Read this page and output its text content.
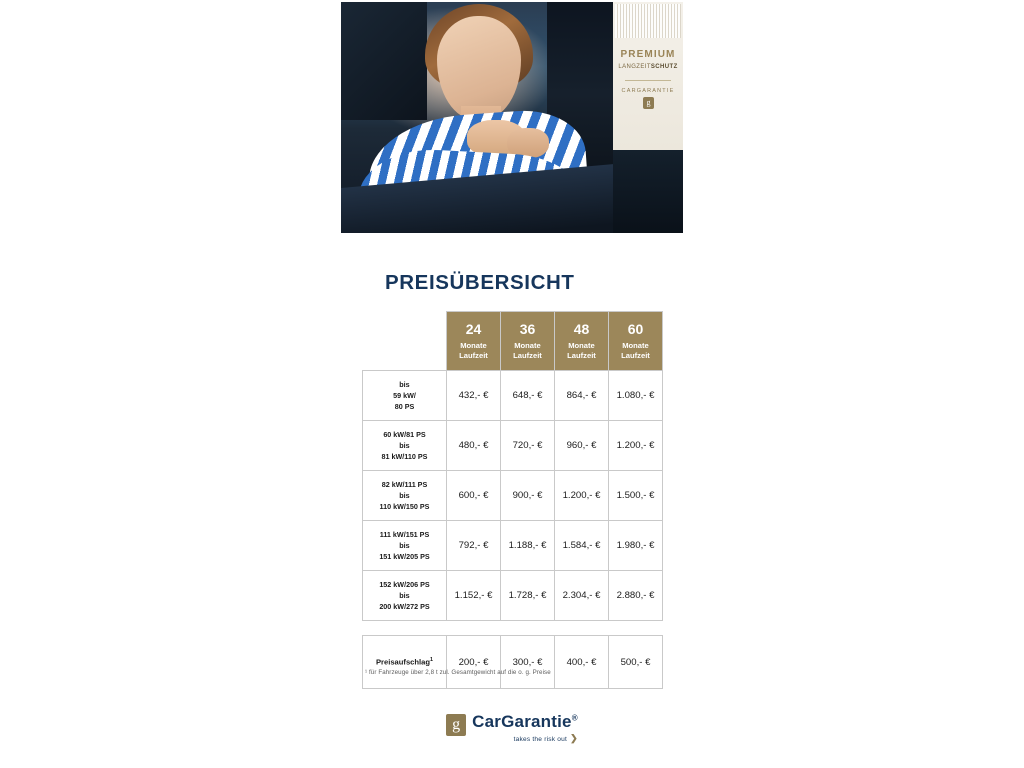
PREMIUM
LANGZEITSCHUTZ
CARGARANTIE
g
PREISÜBERSICHT

	24
Monate
Laufzeit	36
Monate
Laufzeit	48
Monate
Laufzeit	60
Monate
Laufzeit

bis
59 kW/
80 PS	432,- €	648,- €	864,- €	1.080,- €

60 kW/81 PS
bis
81 kW/110 PS	480,- €	720,- €	960,- €	1.200,- €

82 kW/111 PS
bis
110 kW/150 PS	600,- €	900,- €	1.200,- €	1.500,- €

111 kW/151 PS
bis
151 kW/205 PS	792,- €	1.188,- €	1.584,- €	1.980,- €

152 kW/206 PS
bis
200 kW/272 PS	1.152,- €	1.728,- €	2.304,- €	2.880,- €

Preisaufschlag$^1$	200,- €	300,- €	400,- €	500,- €
¹ für Fahrzeuge über 2,8 t zul. Gesamtgewicht auf die o. g. Preise
g CarGarantie®
takes the risk out ❯
